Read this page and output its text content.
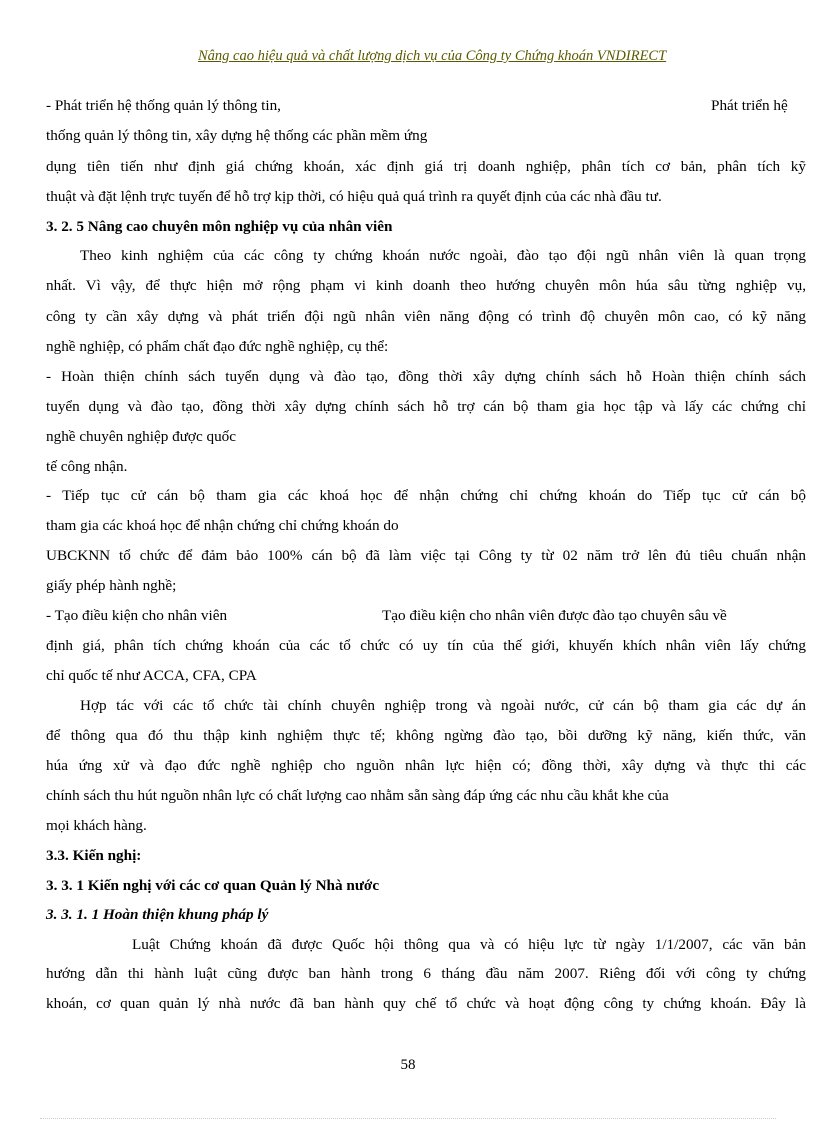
Nâng cao hiệu quả và chất lượng dịch vụ của Công ty Chứng khoán VNDIRECT
- Phát triển hệ thống quản lý thông tin,	Phát triển hệ
thống quản lý thông tin, xây dựng hệ thống các phần mềm ứng
dụng tiên tiến như định giá chứng khoán, xác định giá trị doanh nghiệp, phân tích cơ bản, phân tích kỹ
thuật và đặt lệnh trực tuyến để hỗ trợ kịp thời, có hiệu quả quá trình ra quyết định của các nhà đầu tư.
3. 2. 5 Nâng cao chuyên môn nghiệp vụ của nhân viên
Theo kinh nghiệm của các công ty chứng khoán nước ngoài, đào tạo đội ngũ nhân viên là quan trọng
nhất. Vì vậy, để thực hiện mở rộng phạm vi kinh doanh theo hướng chuyên môn húa sâu từng nghiệp vụ,
công ty cần xây dựng và phát triển đội ngũ nhân viên năng động có trình độ chuyên môn cao, có kỹ năng
nghề nghiệp, có phẩm chất đạo đức nghề nghiệp, cụ thể:
- Hoàn thiện chính sách tuyển dụng và đào tạo, đồng thời xây dựng chính sách hỗ Hoàn thiện chính sách
tuyển dụng và đào tạo, đồng thời xây dựng chính sách hỗ trợ cán bộ tham gia học tập và lấy các chứng chỉ
nghề chuyên nghiệp được quốc
tế công nhận.
- Tiếp tục cử cán bộ tham gia các khoá học để nhận chứng chỉ chứng khoán do Tiếp tục cử cán bộ
tham gia các khoá học để nhận chứng chỉ chứng khoán do
UBCKNN tổ chức để đảm bảo 100% cán bộ đã làm việc tại Công ty từ 02 năm trở lên đủ tiêu chuẩn nhận
giấy phép hành nghề;
- Tạo điều kiện cho nhân viên	Tạo điều kiện cho nhân viên được đào tạo chuyên sâu về
định giá, phân tích chứng khoán của các tổ chức có uy tín của thế giới, khuyến khích nhân viên lấy chứng
chỉ quốc tế như ACCA, CFA, CPA
Hợp tác với các tổ chức tài chính chuyên nghiệp trong và ngoài nước, cử cán bộ tham gia các dự án
để thông qua đó thu thập kinh nghiệm thực tế; không ngừng đào tạo, bồi dưỡng kỹ năng, kiến thức, văn
húa ứng xử và đạo đức nghề nghiệp cho nguồn nhân lực hiện có; đồng thời, xây dựng và thực thi các
chính sách thu hút nguồn nhân lực có chất lượng cao nhằm sẵn sàng đáp ứng các nhu cầu khắt khe của
mọi khách hàng.
3.3. Kiến nghị:
3. 3. 1 Kiến nghị với các cơ quan Quản lý Nhà nước
3. 3. 1. 1 Hoàn thiện khung pháp lý
Luật Chứng khoán đã được Quốc hội thông qua và có hiệu lực từ ngày 1/1/2007, các văn bản
hướng dẫn thi hành luật cũng được ban hành trong 6 tháng đầu năm 2007. Riêng đối với công ty chứng
khoán, cơ quan quản lý nhà nước đã ban hành quy chế tổ chức và hoạt động công ty chứng khoán. Đây là
58
